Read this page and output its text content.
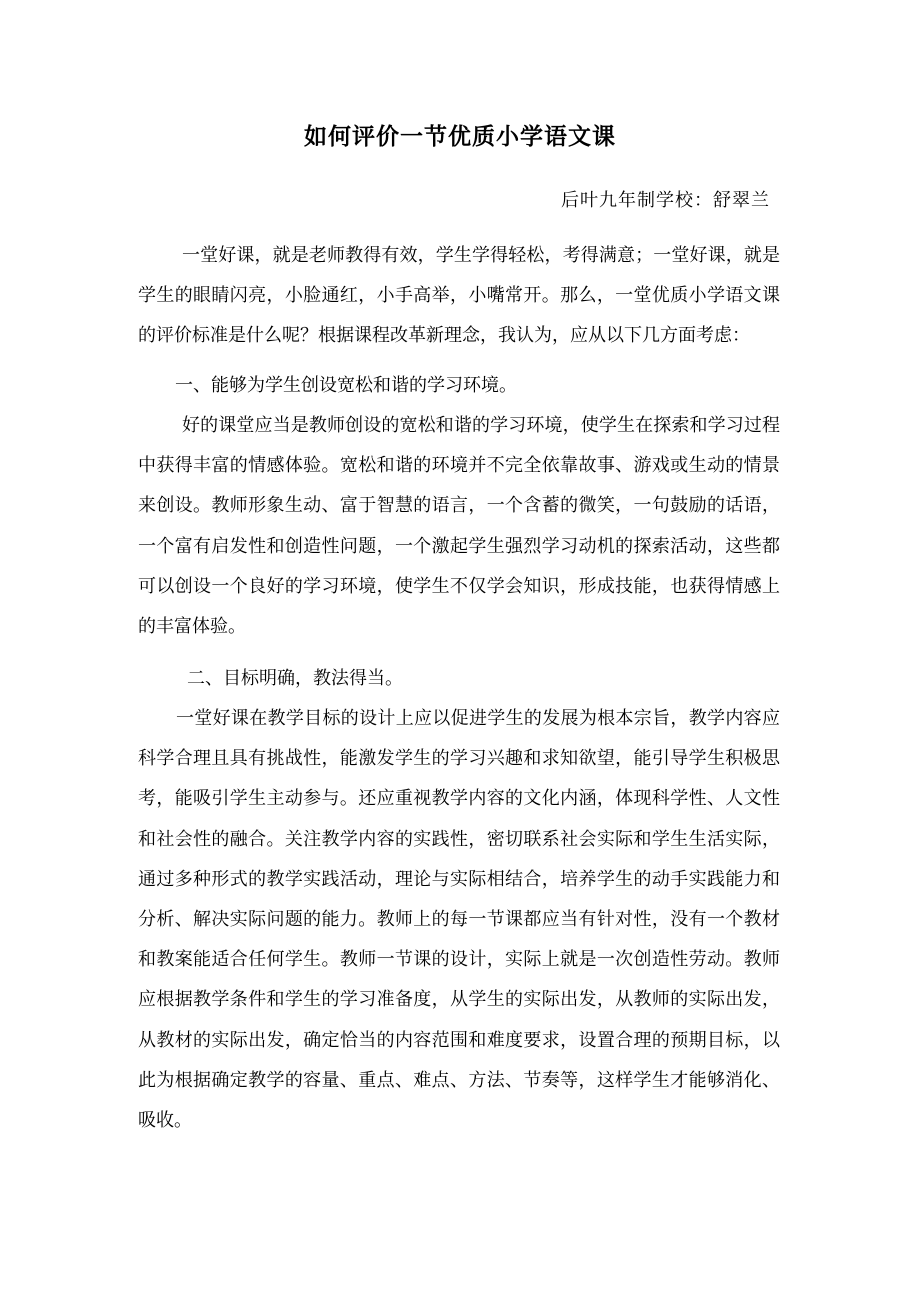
如何评价一节优质小学语文课
后叶九年制学校：舒翠兰
一堂好课，就是老师教得有效，学生学得轻松，考得满意；一堂好课，就是学生的眼睛闪亮，小脸通红，小手高举，小嘴常开。那么，一堂优质小学语文课的评价标准是什么呢？根据课程改革新理念，我认为，应从以下几方面考虑：
一、能够为学生创设宽松和谐的学习环境。
好的课堂应当是教师创设的宽松和谐的学习环境，使学生在探索和学习过程中获得丰富的情感体验。宽松和谐的环境并不完全依靠故事、游戏或生动的情景来创设。教师形象生动、富于智慧的语言，一个含蓄的微笑，一句鼓励的话语，一个富有启发性和创造性问题，一个激起学生强烈学习动机的探索活动，这些都可以创设一个良好的学习环境，使学生不仅学会知识，形成技能，也获得情感上的丰富体验。
二、目标明确，教法得当。
一堂好课在教学目标的设计上应以促进学生的发展为根本宗旨，教学内容应科学合理且具有挑战性，能激发学生的学习兴趣和求知欲望，能引导学生积极思考，能吸引学生主动参与。还应重视教学内容的文化内涵，体现科学性、人文性和社会性的融合。关注教学内容的实践性，密切联系社会实际和学生生活实际，通过多种形式的教学实践活动，理论与实际相结合，培养学生的动手实践能力和分析、解决实际问题的能力。教师上的每一节课都应当有针对性，没有一个教材和教案能适合任何学生。教师一节课的设计，实际上就是一次创造性劳动。教师应根据教学条件和学生的学习准备度，从学生的实际出发，从教师的实际出发，从教材的实际出发，确定恰当的内容范围和难度要求，设置合理的预期目标，以此为根据确定教学的容量、重点、难点、方法、节奏等，这样学生才能够消化、吸收。
